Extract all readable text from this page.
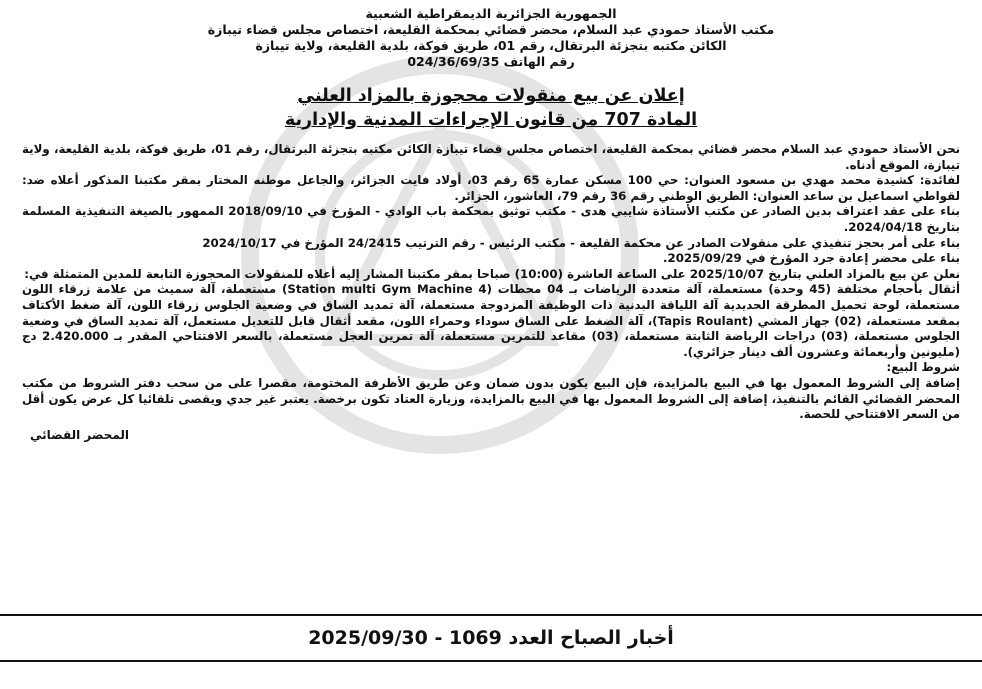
الجمهورية الجزائرية الديمقراطية الشعبية
مكتب الأستاذ حمودي عبد السلام، محضر قضائي بمحكمة القليعة، اختصاص مجلس قضاء تيبازة
الكائن مكتبه بتجزئة البرتقال، رقم 01، طريق فوكة، بلدية القليعة، ولاية تيبازة
رقم الهاتف 024/36/69/35
إعلان عن بيع منقولات محجوزة بالمزاد العلني
المادة 707 من قانون الإجراءات المدنية والإدارية

نحن الأستاذ حمودي عبد السلام محضر قضائي بمحكمة القليعة، اختصاص مجلس قضاء تيبازة الكائن مكتبه بتجزئة البرتقال، رقم 01، طريق فوكة، بلدية القليعة، ولاية تيبازة، الموقع أدناه.

لفائدة: كشيدة محمد مهدي بن مسعود العنوان: حي 100 مسكن عمارة 65 رقم 03، أولاد فايت الجزائر، والجاعل موطنه المختار بمقر مكتبنا المذكور أعلاه ضد: لقواطي اسماعيل بن ساعد العنوان: الطريق الوطني رقم 36 رقم 79، العاشور، الجزائر.

بناء على عقد اعتراف بدين الصادر عن مكتب الأستاذة شايبي هدى - مكتب توثيق بمحكمة باب الوادي - المؤرخ في 2018/09/10 الممهور بالصيغة التنفيذية المسلمة بتاريخ 2024/04/18.

بناء على أمر بحجز تنفيذي على منقولات الصادر عن محكمة القليعة - مكتب الرئيس - رقم الترتيب 24/2415 المؤرخ في 2024/10/17

بناء على محضر إعادة جرد المؤرخ في 2025/09/29.

نعلن عن بيع بالمزاد العلني بتاريخ 2025/10/07 على الساعة العاشرة (10:00) صباحا بمقر مكتبنا المشار إليه أعلاه للمنقولات المحجوزة التابعة للمدين المتمثلة في:

أثقال بأحجام مختلفة (45 وحدة) مستعملة، آلة متعددة الرياضات بـ 04 محطات (Station multi Gym Machine 4) مستعملة، آلة سميث من علامة زرقاء اللون مستعملة، لوحة تحميل المطرقة الحديدية آلة اللياقة البدنية ذات الوظيفة المزدوجة مستعملة، آلة تمديد الساق في وضعية الجلوس زرقاء اللون، آلة ضغط الأكتاف بمقعد مستعملة، (02) جهاز المشي (Tapis Roulant)، آلة الضغط على الساق سوداء وحمراء اللون، مقعد أثقال قابل للتعديل مستعمل، آلة تمديد الساق في وضعية الجلوس مستعملة، (03) دراجات الرياضة الثابتة مستعملة، (03) مقاعد للتمرين مستعملة، آلة تمرين العجل مستعملة، بالسعر الافتتاحي المقدر بـ 2.420.000 دج (مليونين وأربعمائة وعشرون ألف دينار جزائري).

شروط البيع:

إضافة إلى الشروط المعمول بها في البيع بالمزايدة، فإن البيع يكون بدون ضمان وعن طريق الأظرفة المختومة، مقصرا على من سحب دفتر الشروط من مكتب المحضر القضائي القائم بالتنفيذ، إضافة إلى الشروط المعمول بها في البيع بالمزايدة، وزيارة العتاد تكون برخصة. يعتبر غير جدي ويقصى تلقائيا كل عرض يكون أقل من السعر الافتتاحي للحصة.

المحضر القضائي
أخبار الصباح العدد 1069 - 2025/09/30
